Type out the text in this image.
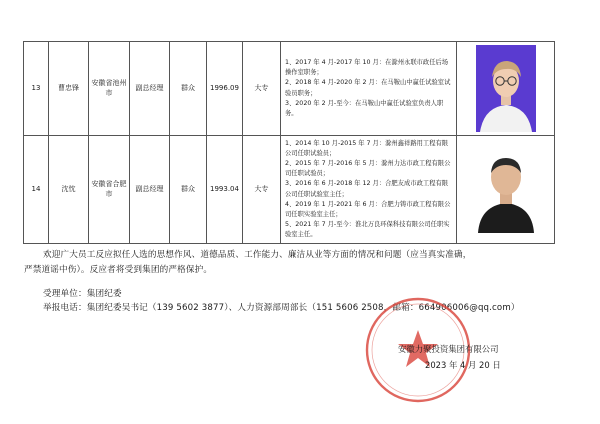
13	曹忠锋	安徽省池州市	副总经理	群众	1996.09	大专	1、2017 年 4 月-2017 年 10 月：在滁州永联市政任后场操作室职务；
2、2018 年 4 月-2020 年 2 月：在马鞍山中赢任试验室试验员职务；
3、2020 年 2 月-至今：在马鞍山中赢任试验室负责人职务。

14	沈忱	安徽省合肥市	副总经理	群众	1993.04	大专	1、2014 年 10 月-2015 年 7 月：滁州鑫祥路用工程有限公司任职试验员；
2、2015 年 7 月-2016 年 5 月：滁州力达市政工程有限公司任职试验员；
3、2016 年 6 月-2018 年 12 月：合肥友成市政工程有限公司任职试验室主任；
4、2019 年 1 月-2021 年 6 月：合肥力铸市政工程有限公司任职实验室主任；
5、2021 年 7 月-至今：淮北万良环保科技有限公司任职实验室主任。

欢迎广大员工反应拟任人选的思想作风、道德品质、工作能力、廉洁从业等方面的情况和问题（应当真实准确，
严禁道谣中伤）。反应者将受到集团的严格保护。
受理单位：集团纪委
举报电话：集团纪委吴书记（139 5602 3877）、人力资源部周部长（151 5606 2508，邮箱：664906006@qq.com）
安徽力聚投资集团有限公司
2023 年 4 月 20 日
